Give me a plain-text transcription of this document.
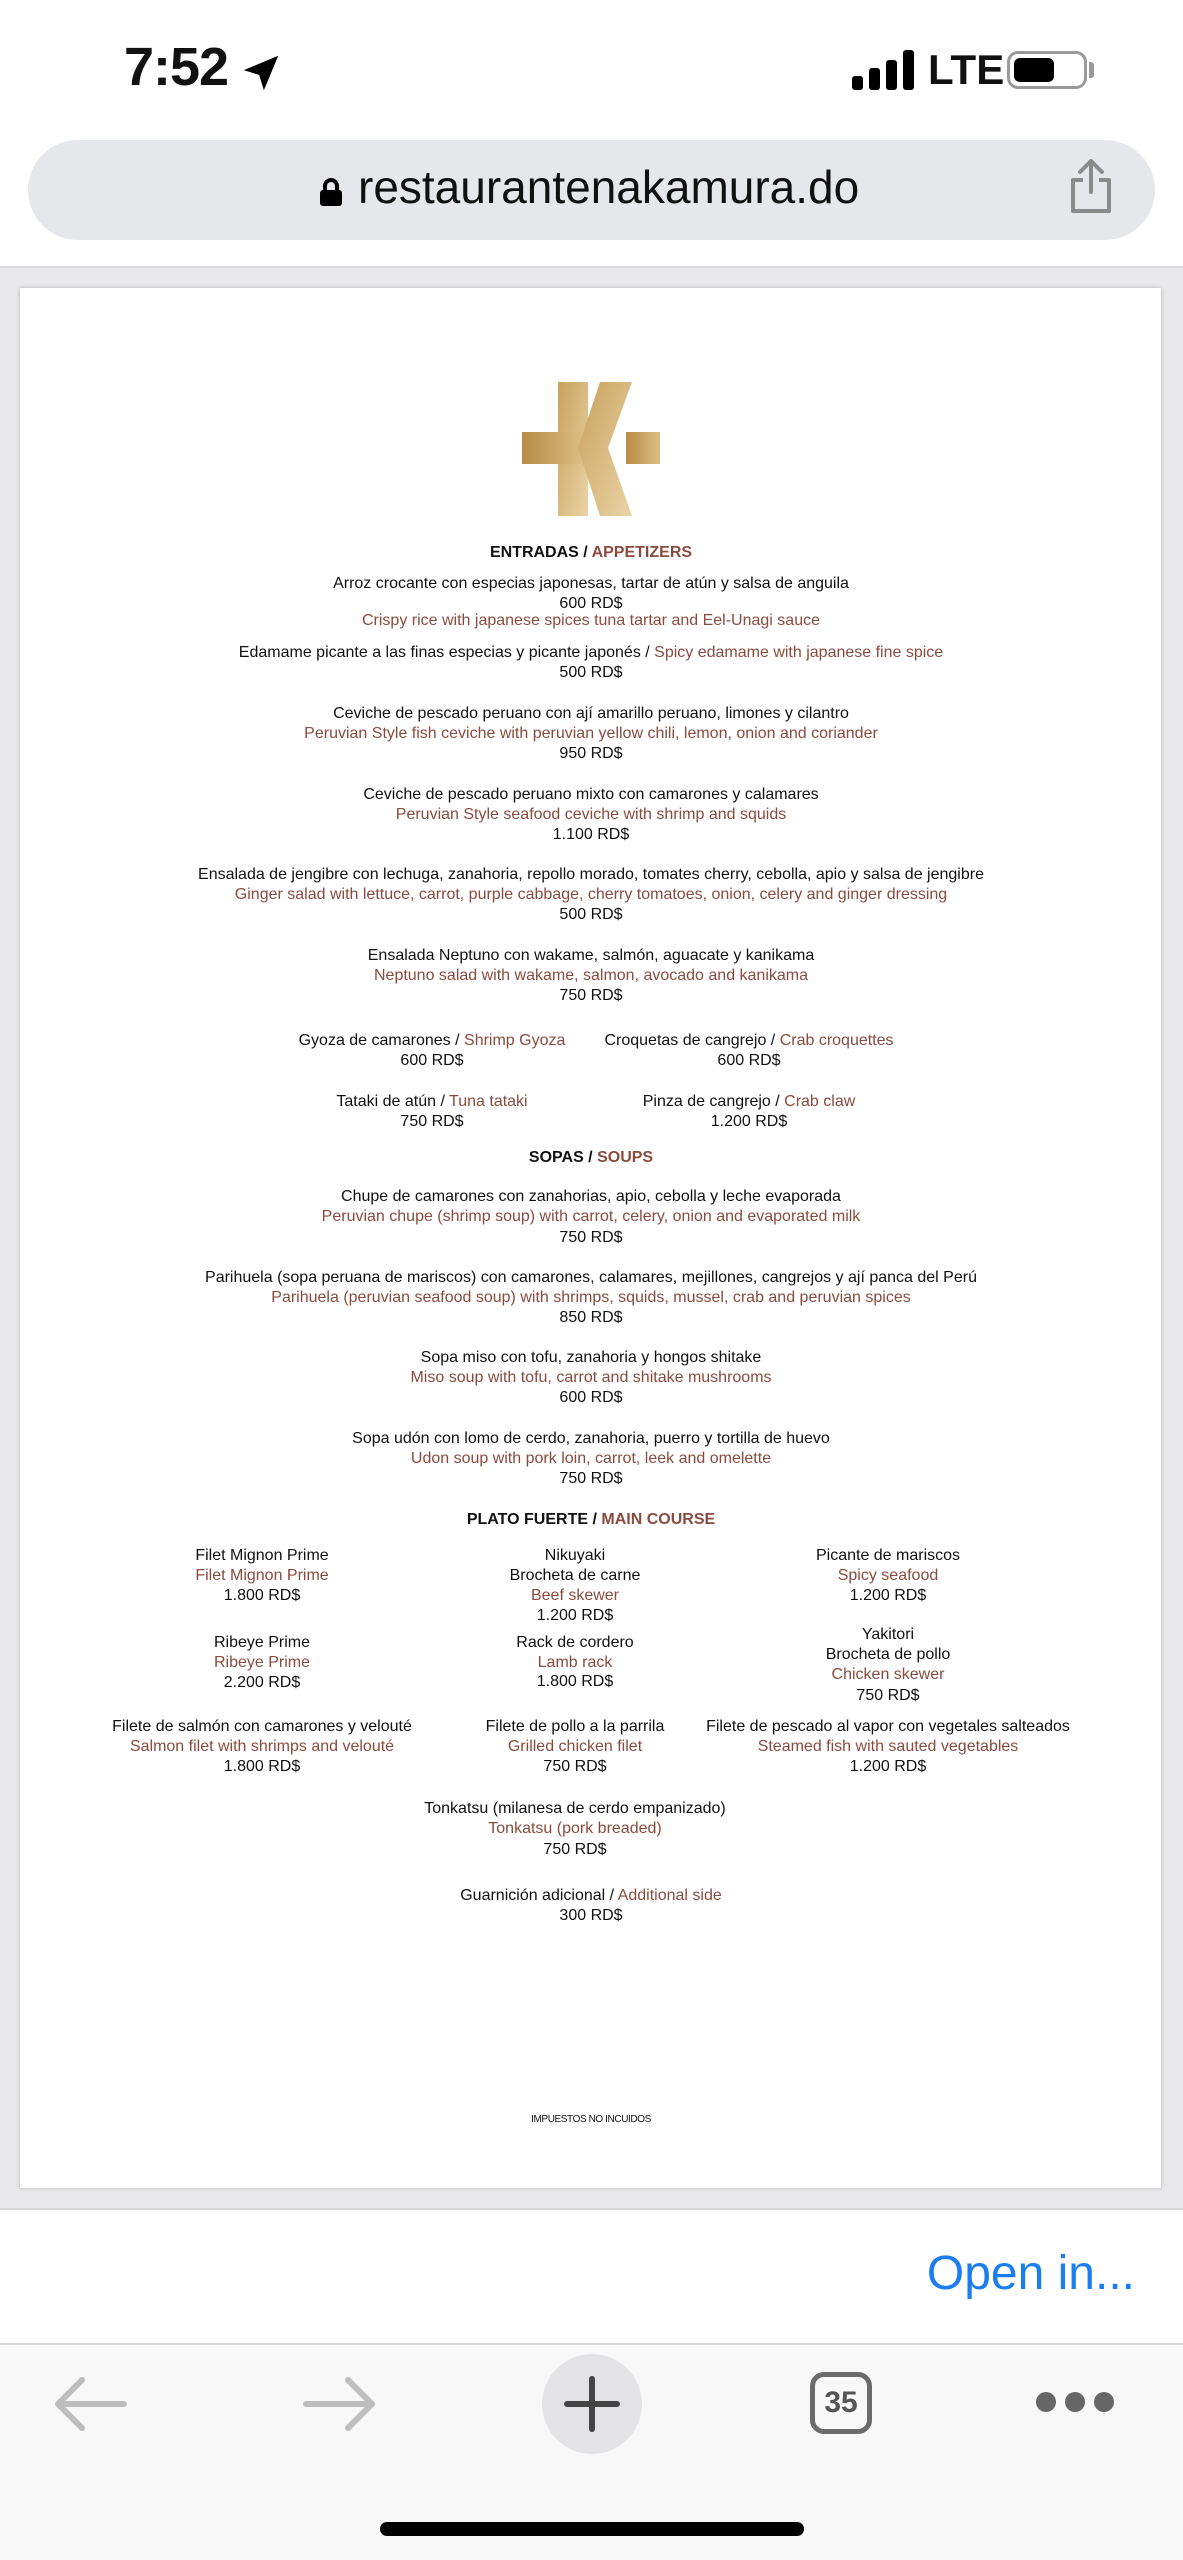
7:52	LTE
restaurantenakamura.do
ENTRADAS / APPETIZERS
Arroz crocante con especias japonesas, tartar de atún y salsa de anguila
600 RD$
Crispy rice with japanese spices tuna tartar and Eel-Unagi sauce
Edamame picante a las finas especias y picante japonés / Spicy edamame with japanese fine spice
500 RD$
Ceviche de pescado peruano con ají amarillo peruano, limones y cilantro
Peruvian Style fish ceviche with peruvian yellow chili, lemon, onion and coriander
950 RD$
Ceviche de pescado peruano mixto con camarones y calamares
Peruvian Style seafood ceviche with shrimp and squids
1.100 RD$
Ensalada de jengibre con lechuga, zanahoria, repollo morado, tomates cherry, cebolla, apio y salsa de jengibre
Ginger salad with lettuce, carrot, purple cabbage, cherry tomatoes, onion, celery and ginger dressing
500 RD$
Ensalada Neptuno con wakame, salmón, aguacate y kanikama
Neptuno salad with wakame, salmon, avocado and kanikama
750 RD$
Gyoza de camarones / Shrimp Gyoza
600 RD$
Croquetas de cangrejo / Crab croquettes
600 RD$
Tataki de atún / Tuna tataki
750 RD$
Pinza de cangrejo / Crab claw
1.200 RD$
SOPAS / SOUPS
Chupe de camarones con zanahorias, apio, cebolla y leche evaporada
Peruvian chupe (shrimp soup) with carrot, celery, onion and evaporated milk
750 RD$
Parihuela (sopa peruana de mariscos) con camarones, calamares, mejillones, cangrejos y ají panca del Perú
Parihuela (peruvian seafood soup) with shrimps, squids, mussel, crab and peruvian spices
850 RD$
Sopa miso con tofu, zanahoria y hongos shitake
Miso soup with tofu, carrot and shitake mushrooms
600 RD$
Sopa udón con lomo de cerdo, zanahoria, puerro y tortilla de huevo
Udon soup with pork loin, carrot, leek and omelette
750 RD$
PLATO FUERTE / MAIN COURSE
Filet Mignon Prime
Filet Mignon Prime
1.800 RD$
Nikuyaki
Brocheta de carne
Beef skewer
1.200 RD$
Picante de mariscos
Spicy seafood
1.200 RD$
Ribeye Prime
Ribeye Prime
2.200 RD$
Rack de cordero
Lamb rack
1.800 RD$
Yakitori
Brocheta de pollo
Chicken skewer
750 RD$
Filete de salmón con camarones y velouté
Salmon filet with shrimps and velouté
1.800 RD$
Filete de pollo a la parrila
Grilled chicken filet
750 RD$
Filete de pescado al vapor con vegetales salteados
Steamed fish with sauted vegetables
1.200 RD$
Tonkatsu (milanesa de cerdo empanizado)
Tonkatsu (pork breaded)
750 RD$
Guarnición adicional / Additional side
300 RD$
IMPUESTOS NO INCUIDOS
Open in...
35
